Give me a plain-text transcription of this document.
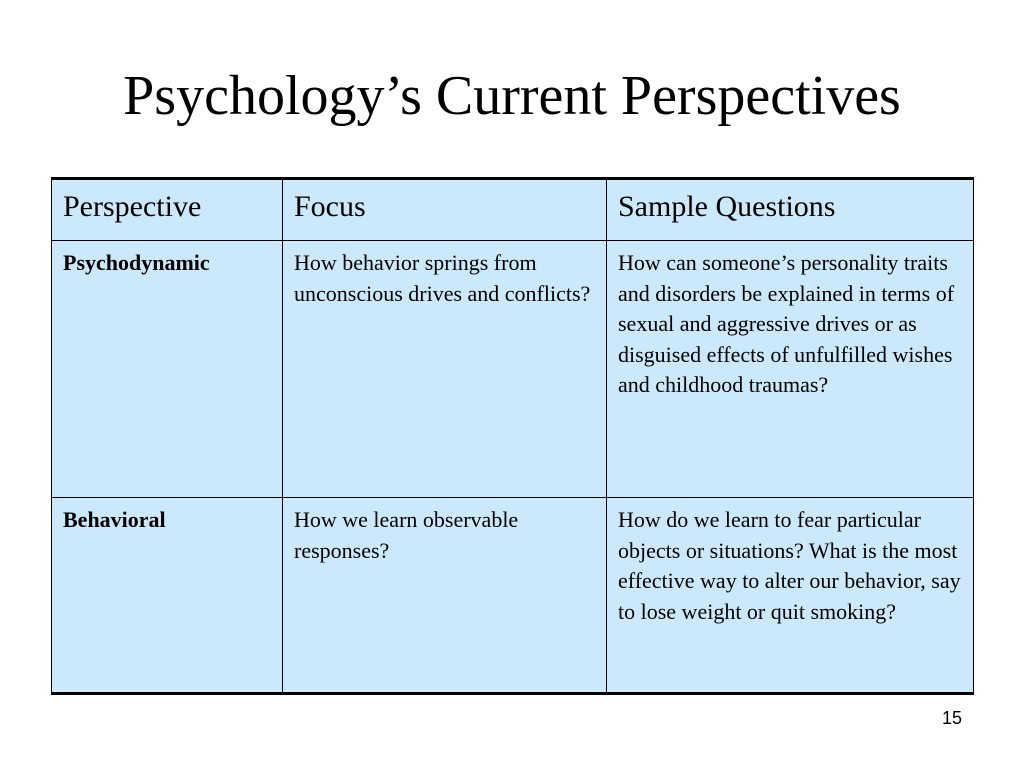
Psychology’s Current Perspectives
Perspective	Focus	Sample Questions
Psychodynamic	How behavior springs from unconscious drives and conflicts?	How can someone’s personality traits and disorders be explained in terms of sexual and aggressive drives or as disguised effects of unfulfilled wishes and childhood traumas?
Behavioral	How we learn observable responses?	How do we learn to fear particular objects or situations? What is the most effective way to alter our behavior, say to lose weight or quit smoking?
15
